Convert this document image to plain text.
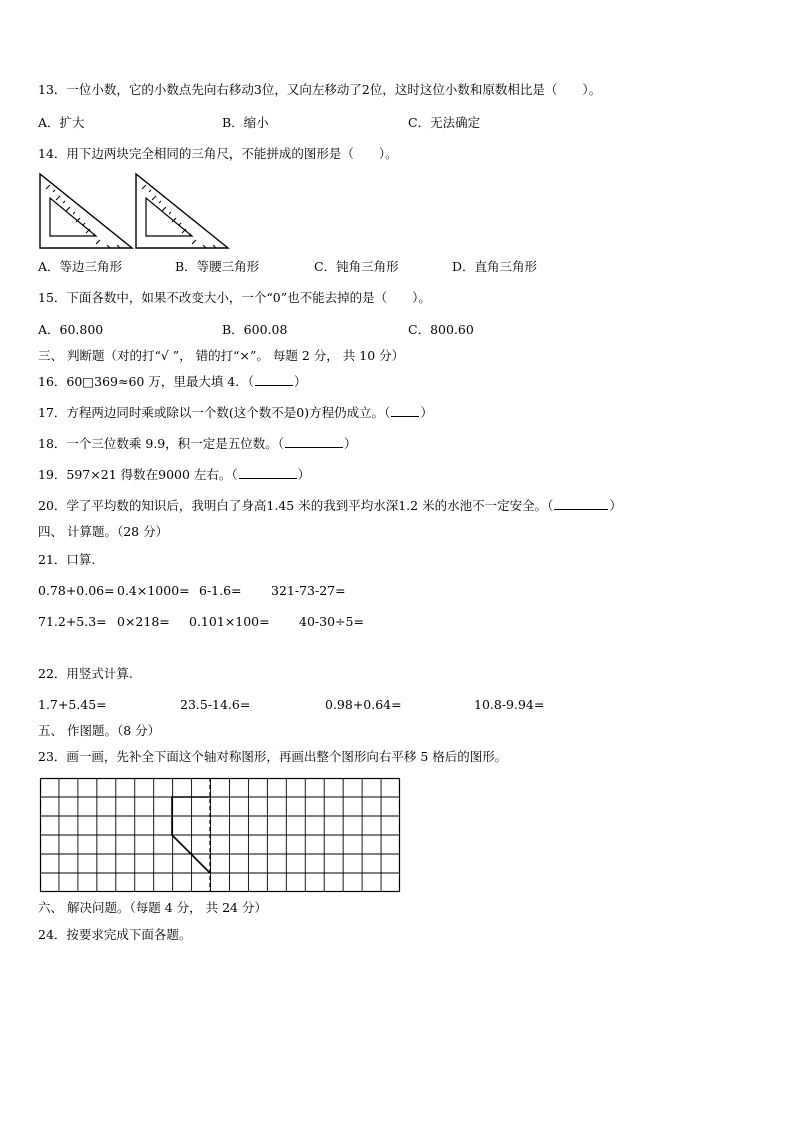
13．一位小数，它的小数点先向右移动3位，又向左移动了2位，这时这位小数和原数相比是（　　）。
A．扩大	B．缩小	C．无法确定
14．用下边两块完全相同的三角尺，不能拼成的图形是（　　）。
A．等边三角形	B．等腰三角形	C．钝角三角形	D．直角三角形
15．下面各数中，如果不改变大小，一个“0”也不能去掉的是（　　）。
A．60.800	B．600.08	C．800.60
三、 判断题（对的打“√ ”， 错的打“×”。 每题 2 分， 共 10 分）
16．60□369≈60 万，里最大填 4．（	）
17．方程两边同时乘或除以一个数(这个数不是0)方程仍成立。（ ）
18．一个三位数乘 9.9，积一定是五位数。（	）
19．597×21 得数在9000 左右。（	）
20．学了平均数的知识后，我明白了身高1.45 米的我到平均水深1.2 米的水池不一定安全。（	）
四、 计算题。（28 分）
21．口算.
0.78+0.06= 0.4×1000= 6-1.6= 321-73-27=
71.2+5.3= 0×218= 0.101×100= 40-30÷5=
22．用竖式计算.
1.7+5.45=	23.5-14.6=	0.98+0.64=	10.8-9.94=
五、 作图题。（8 分）
23．画一画，先补全下面这个轴对称图形，再画出整个图形向右平移 5 格后的图形。
六、 解决问题。（每题 4 分， 共 24 分）
24．按要求完成下面各题。
